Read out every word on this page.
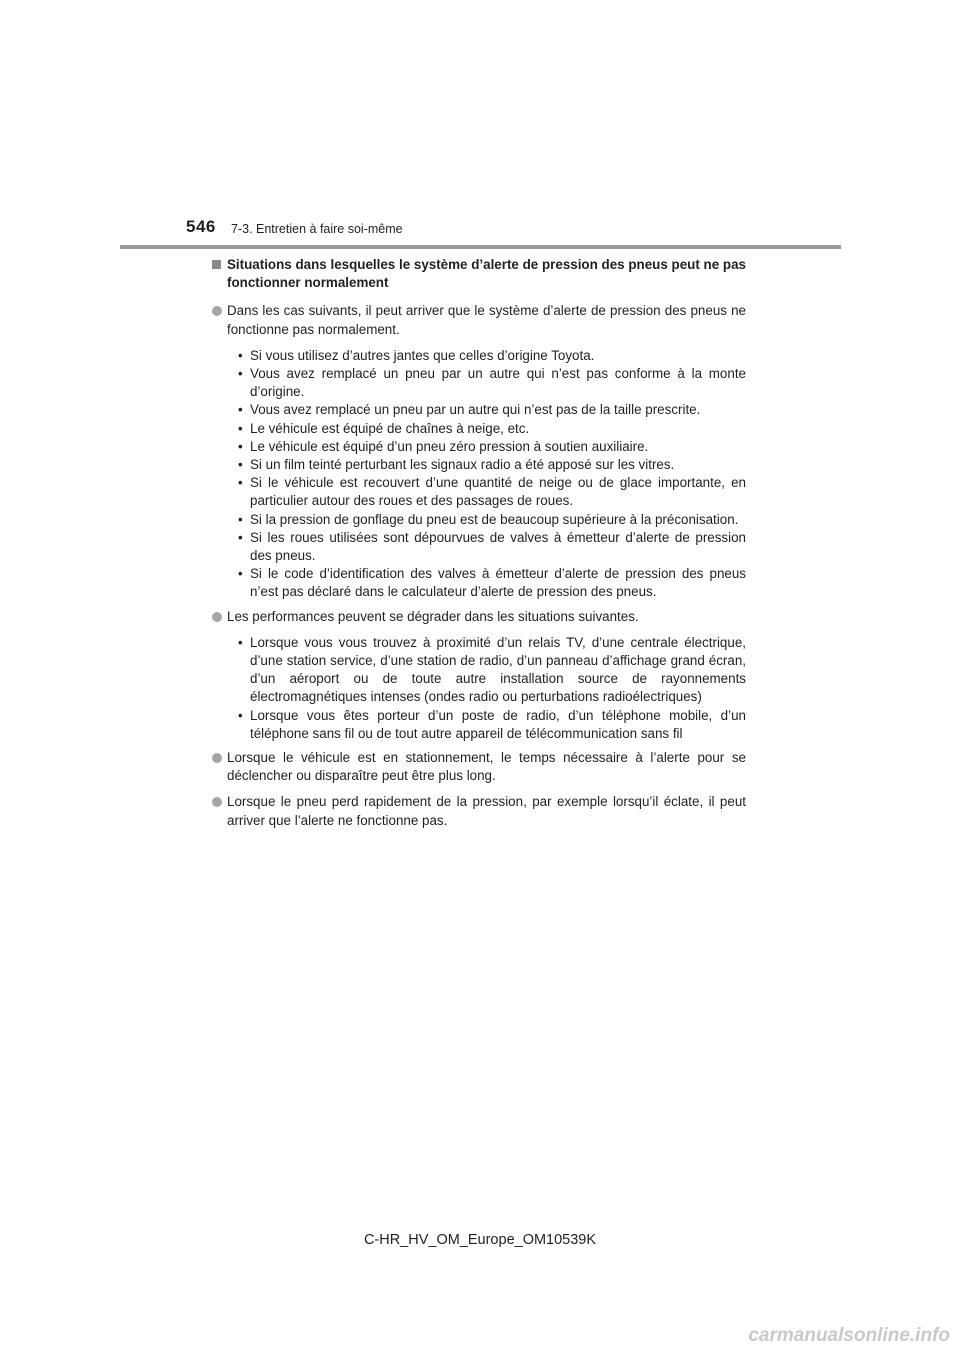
546 7-3. Entretien à faire soi-même
Situations dans lesquelles le système d’alerte de pression des pneus peut ne pas fonctionner normalement
Dans les cas suivants, il peut arriver que le système d’alerte de pression des pneus ne fonctionne pas normalement.
• Si vous utilisez d’autres jantes que celles d’origine Toyota.
• Vous avez remplacé un pneu par un autre qui n’est pas conforme à la monte d’origine.
• Vous avez remplacé un pneu par un autre qui n’est pas de la taille prescrite.
• Le véhicule est équipé de chaînes à neige, etc.
• Le véhicule est équipé d’un pneu zéro pression à soutien auxiliaire.
• Si un film teinté perturbant les signaux radio a été apposé sur les vitres.
• Si le véhicule est recouvert d’une quantité de neige ou de glace importante, en particulier autour des roues et des passages de roues.
• Si la pression de gonflage du pneu est de beaucoup supérieure à la préconisation.
• Si les roues utilisées sont dépourvues de valves à émetteur d’alerte de pression des pneus.
• Si le code d’identification des valves à émetteur d’alerte de pression des pneus n’est pas déclaré dans le calculateur d’alerte de pression des pneus.
Les performances peuvent se dégrader dans les situations suivantes.
• Lorsque vous vous trouvez à proximité d’un relais TV, d’une centrale électrique, d’une station service, d’une station de radio, d’un panneau d’affichage grand écran, d’un aéroport ou de toute autre installation source de rayonnements électromagnétiques intenses (ondes radio ou perturbations radioélectriques)
• Lorsque vous êtes porteur d’un poste de radio, d’un téléphone mobile, d’un téléphone sans fil ou de tout autre appareil de télécommunication sans fil
Lorsque le véhicule est en stationnement, le temps nécessaire à l’alerte pour se déclencher ou disparaître peut être plus long.
Lorsque le pneu perd rapidement de la pression, par exemple lorsqu’il éclate, il peut arriver que l’alerte ne fonctionne pas.
C-HR_HV_OM_Europe_OM10539K
carmanualsonline.info
